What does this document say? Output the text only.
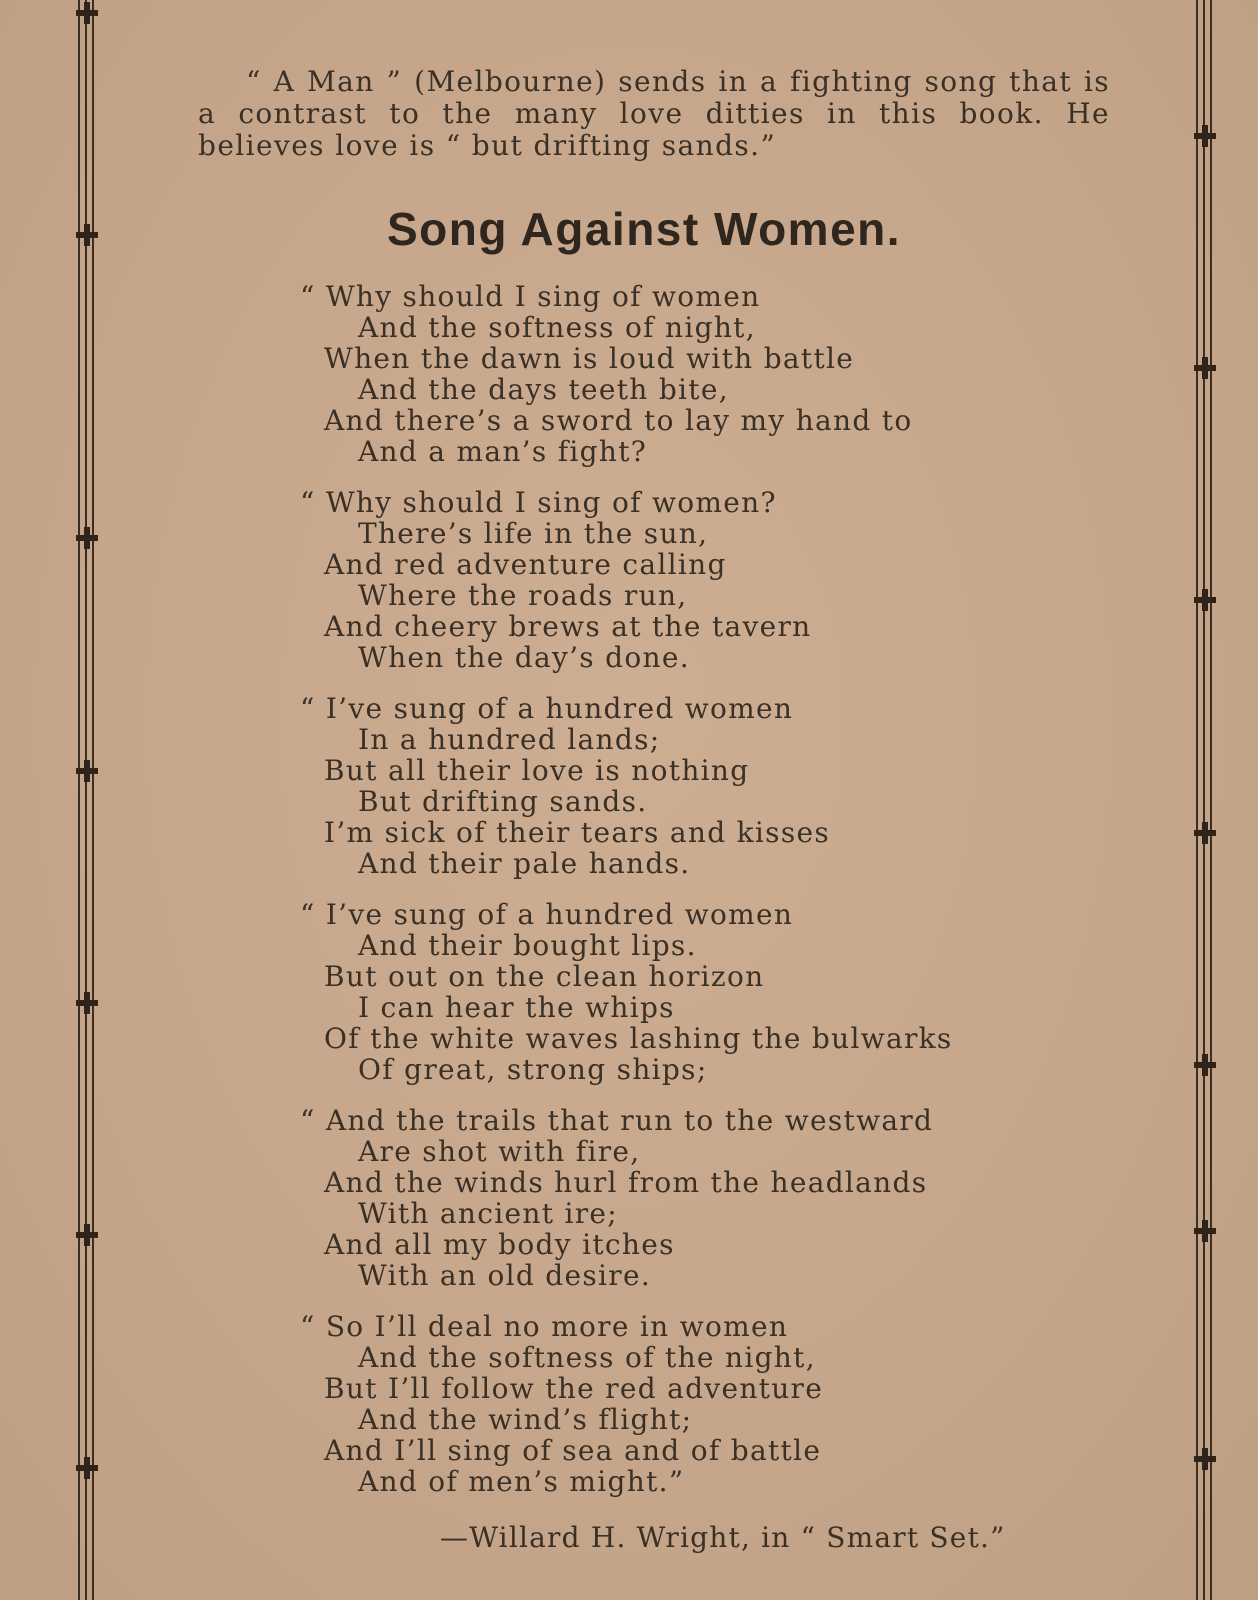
“ A Man ” (Melbourne) sends in a fighting song that is a contrast to the many love ditties in this book. He believes love is “ but drifting sands.”

Song Against Women.
“ Why should I sing of women
And the softness of night,
When the dawn is loud with battle
And the days teeth bite,
And there’s a sword to lay my hand to
And a man’s fight?
“ Why should I sing of women?
There’s life in the sun,
And red adventure calling
Where the roads run,
And cheery brews at the tavern
When the day’s done.
“ I’ve sung of a hundred women
In a hundred lands;
But all their love is nothing
But drifting sands.
I’m sick of their tears and kisses
And their pale hands.
“ I’ve sung of a hundred women
And their bought lips.
But out on the clean horizon
I can hear the whips
Of the white waves lashing the bulwarks
Of great, strong ships;
“ And the trails that run to the westward
Are shot with fire,
And the winds hurl from the headlands
With ancient ire;
And all my body itches
With an old desire.
“ So I’ll deal no more in women
And the softness of the night,
But I’ll follow the red adventure
And the wind’s flight;
And I’ll sing of sea and of battle
And of men’s might.”

—Willard H. Wright, in “ Smart Set.”
